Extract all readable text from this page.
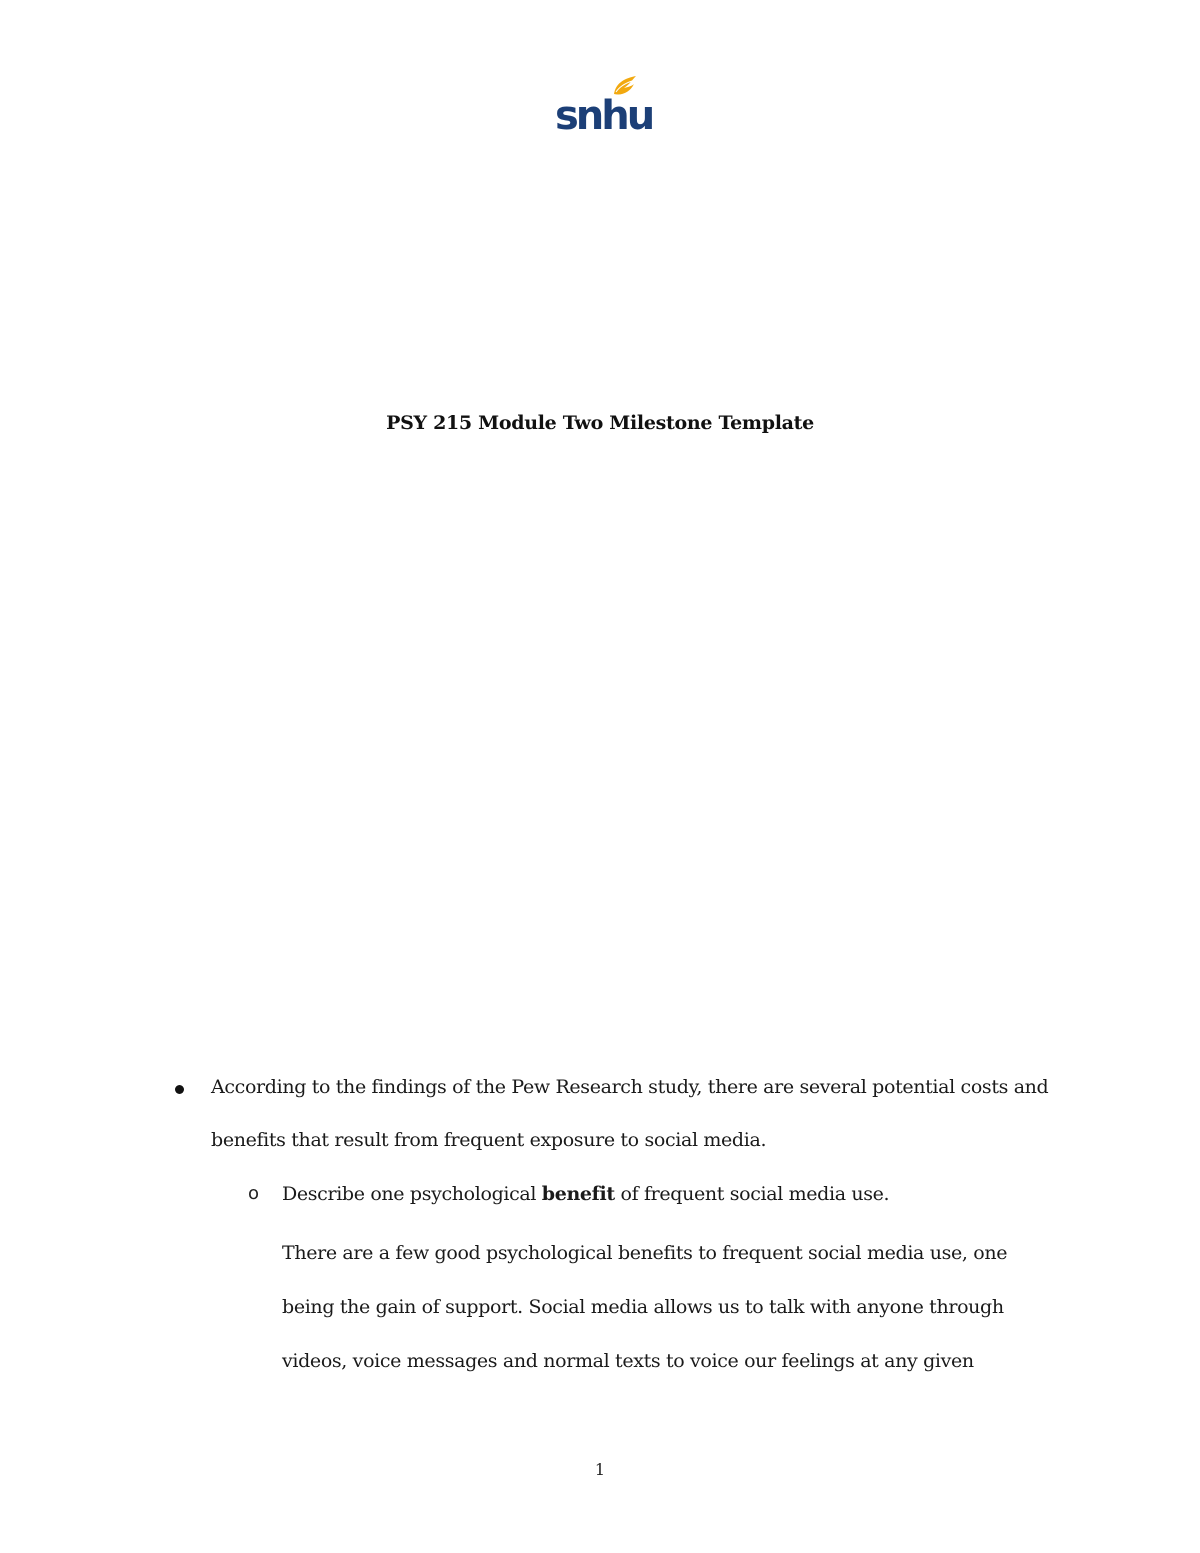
snhu
PSY 215 Module Two Milestone Template
According to the findings of the Pew Research study, there are several potential costs and
benefits that result from frequent exposure to social media.
o Describe one psychological benefit of frequent social media use.
There are a few good psychological benefits to frequent social media use, one
being the gain of support. Social media allows us to talk with anyone through
videos, voice messages and normal texts to voice our feelings at any given
1
